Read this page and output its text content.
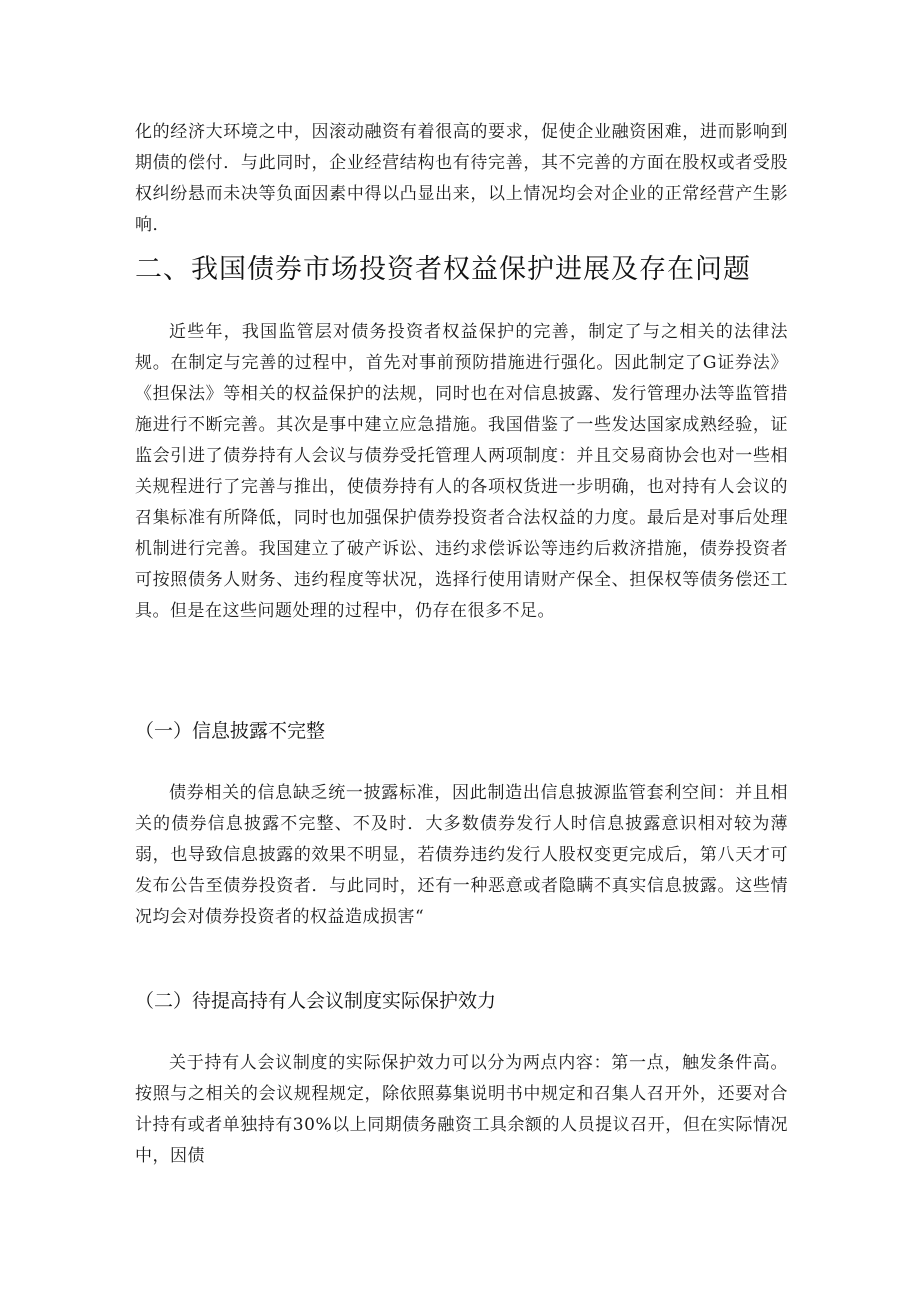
化的经济大环境之中，因滚动融资有着很高的要求，促使企业融资困难，进而影响到期债的偿付．与此同时，企业经营结构也有待完善，其不完善的方面在股权或者受股权纠纷悬而未决等负面因素中得以凸显出来，以上情况均会对企业的正常经营产生影响．

二、我国债券市场投资者权益保护进展及存在问题

近些年，我国监管层对债务投资者权益保护的完善，制定了与之相关的法律法规。在制定与完善的过程中，首先对事前预防措施进行强化。因此制定了G证券法》《担保法》等相关的权益保护的法规，同时也在对信息披露、发行管理办法等监管措施进行不断完善。其次是事中建立应急措施。我国借鉴了一些发达国家成熟经验，证监会引进了债券持有人会议与债券受托管理人两项制度：并且交易商协会也对一些相关规程进行了完善与推出，使债券持有人的各项权货进一步明确，也对持有人会议的召集标准有所降低，同时也加强保护债券投资者合法权益的力度。最后是对事后处理机制进行完善。我国建立了破产诉讼、违约求偿诉讼等违约后救济措施，债券投资者可按照债务人财务、违约程度等状况，选择行使用请财产保全、担保权等债务偿还工具。但是在这些问题处理的过程中，仍存在很多不足。

（一）信息披露不完整

债券相关的信息缺乏统一披露标准，因此制造出信息披源监管套利空间：并且相关的债券信息披露不完整、不及时．大多数债券发行人时信息披露意识相对较为薄弱，也导致信息披露的效果不明显，若债券违约发行人股权变更完成后，第八天才可发布公告至债券投资者．与此同时，还有一种恶意或者隐瞒不真实信息披露。这些情况均会对债券投资者的权益造成损害“

（二）待提高持有人会议制度实际保护效力

关于持有人会议制度的实际保护效力可以分为两点内容：第一点，触发条件高。按照与之相关的会议规程规定，除依照募集说明书中规定和召集人召开外，还要对合计持有或者单独持有30%以上同期债务融资工具余额的人员提议召开，但在实际情况中，因债
